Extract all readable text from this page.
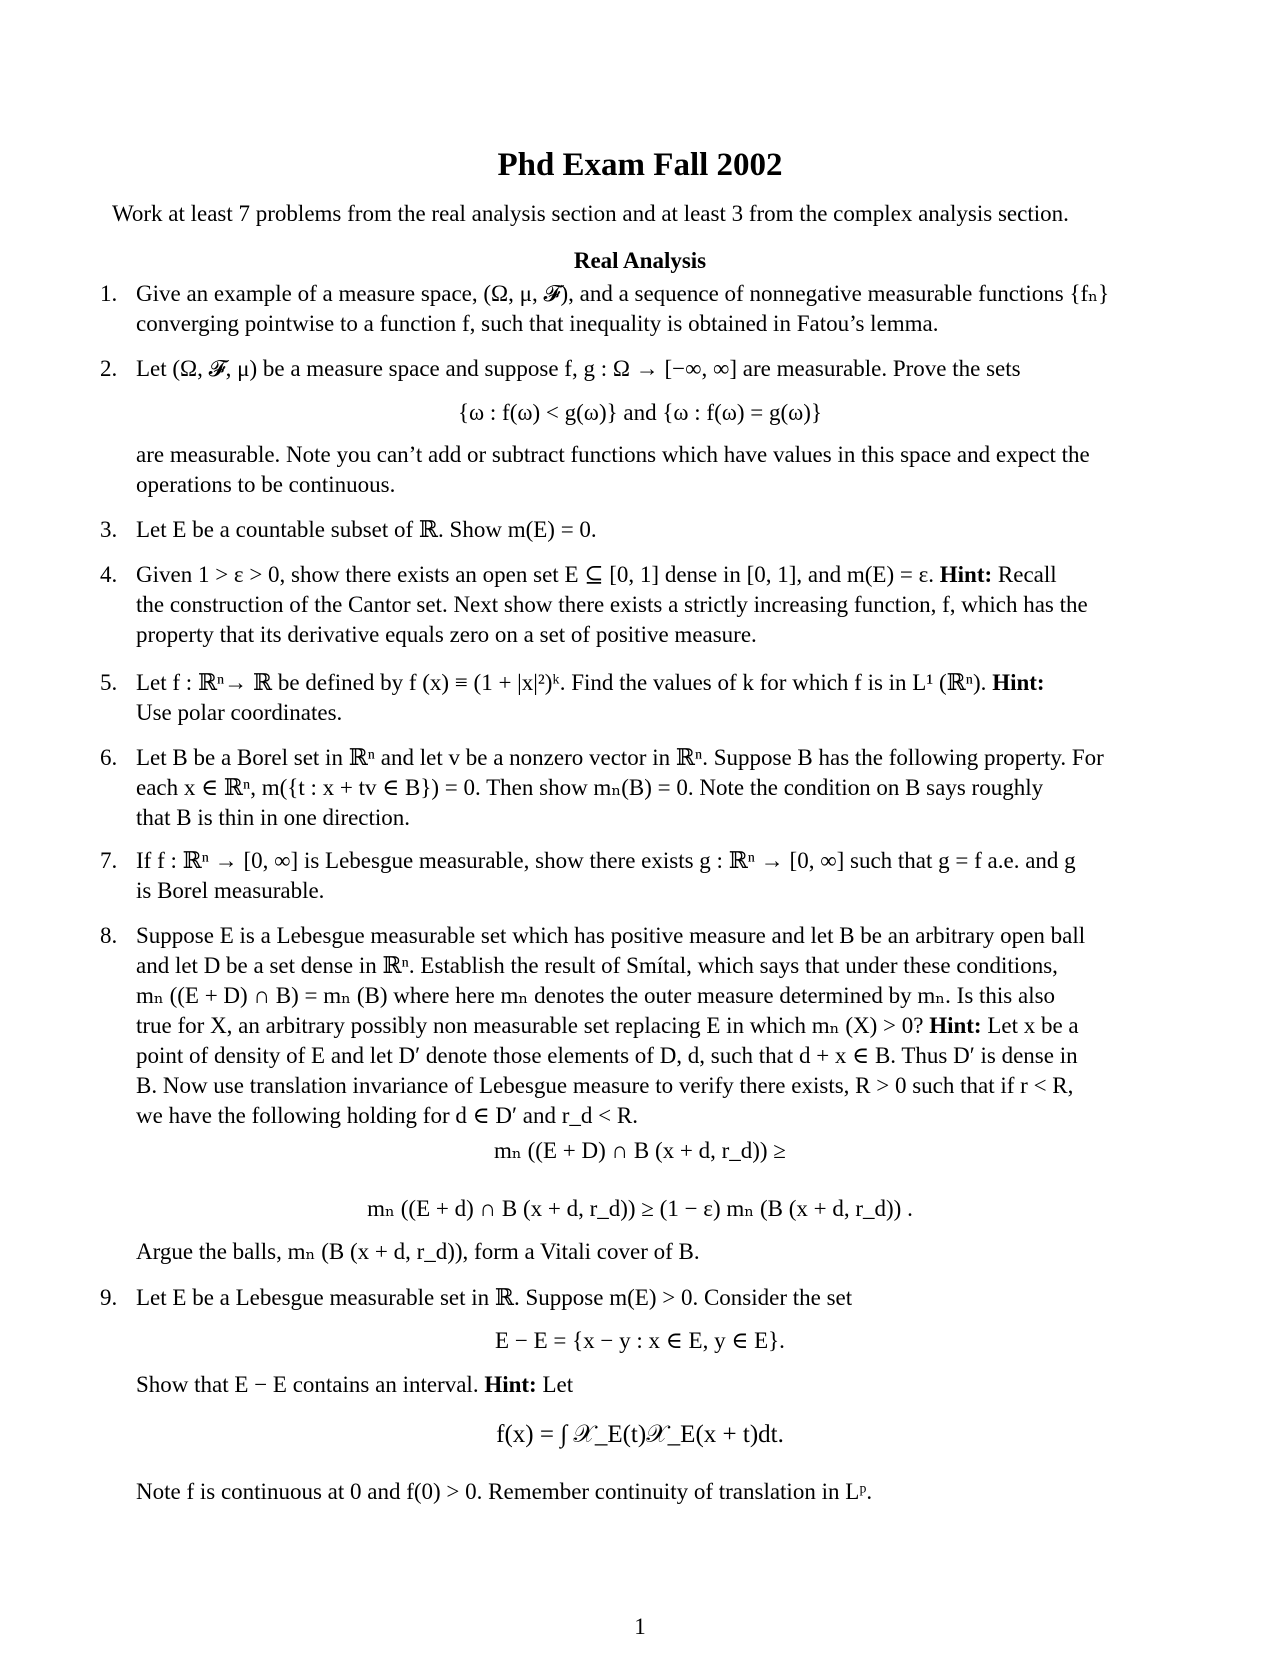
Phd Exam Fall 2002
Work at least 7 problems from the real analysis section and at least 3 from the complex analysis section.
Real Analysis
1. Give an example of a measure space, (Ω, μ, 𝓕), and a sequence of nonnegative measurable functions {fₙ}
converging pointwise to a function f, such that inequality is obtained in Fatou’s lemma.
2. Let (Ω, 𝓕, μ) be a measure space and suppose f, g : Ω → [−∞, ∞] are measurable. Prove the sets
{ω : f(ω) < g(ω)} and {ω : f(ω) = g(ω)}
are measurable. Note you can’t add or subtract functions which have values in this space and expect the
operations to be continuous.
3. Let E be a countable subset of ℝ. Show m(E) = 0.
4. Given 1 > ε > 0, show there exists an open set E ⊆ [0, 1] dense in [0, 1], and m(E) = ε. Hint: Recall
the construction of the Cantor set. Next show there exists a strictly increasing function, f, which has the
property that its derivative equals zero on a set of positive measure.
5. Let f : ℝⁿ→ ℝ be defined by f (x) ≡ (1 + |x|²)ᵏ. Find the values of k for which f is in L¹ (ℝⁿ). Hint:
Use polar coordinates.
6. Let B be a Borel set in ℝⁿ and let v be a nonzero vector in ℝⁿ. Suppose B has the following property. For
each x ∈ ℝⁿ, m({t : x + tv ∈ B}) = 0. Then show mₙ(B) = 0. Note the condition on B says roughly
that B is thin in one direction.
7. If f : ℝⁿ → [0, ∞] is Lebesgue measurable, show there exists g : ℝⁿ → [0, ∞] such that g = f a.e. and g
is Borel measurable.
8. Suppose E is a Lebesgue measurable set which has positive measure and let B be an arbitrary open ball
and let D be a set dense in ℝⁿ. Establish the result of Smítal, which says that under these conditions,
mₙ ((E + D) ∩ B) = mₙ (B) where here mₙ denotes the outer measure determined by mₙ. Is this also
true for X, an arbitrary possibly non measurable set replacing E in which mₙ (X) > 0? Hint: Let x be a
point of density of E and let D′ denote those elements of D, d, such that d + x ∈ B. Thus D′ is dense in
B. Now use translation invariance of Lebesgue measure to verify there exists, R > 0 such that if r < R,
we have the following holding for d ∈ D′ and r_d < R.
mₙ ((E + D) ∩ B (x + d, r_d)) ≥
mₙ ((E + d) ∩ B (x + d, r_d)) ≥ (1 − ε) mₙ (B (x + d, r_d)) .
Argue the balls, mₙ (B (x + d, r_d)), form a Vitali cover of B.
9. Let E be a Lebesgue measurable set in ℝ. Suppose m(E) > 0. Consider the set
E − E = {x − y : x ∈ E, y ∈ E}.
Show that E − E contains an interval. Hint: Let
f(x) = ∫ 𝒳_E(t)𝒳_E(x + t)dt.
Note f is continuous at 0 and f(0) > 0. Remember continuity of translation in Lᵖ.
1
